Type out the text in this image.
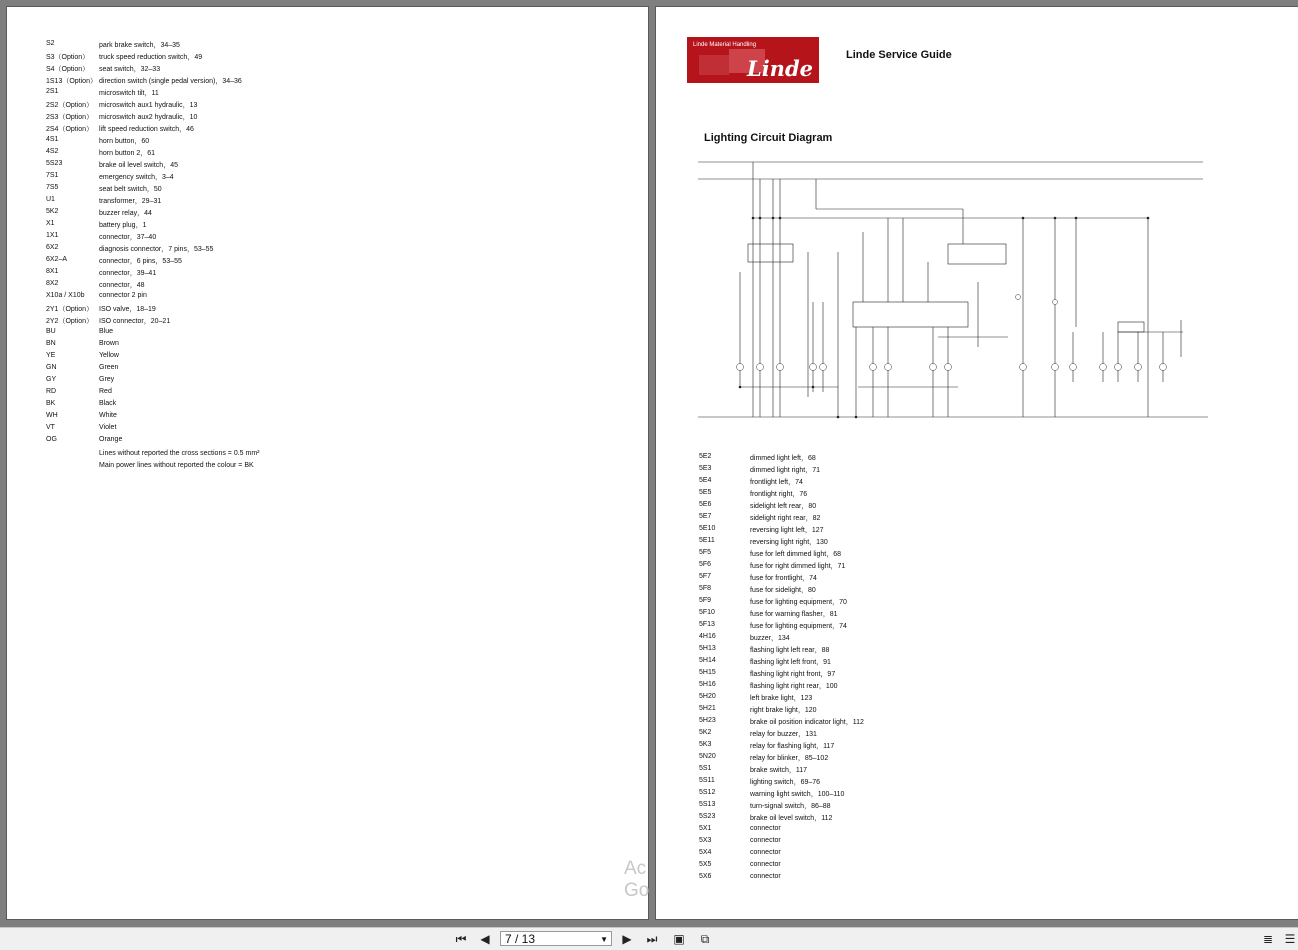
S2	park brake switch，34–35
S3（Option） truck speed reduction switch，49
S4（Option） seat switch，32–33
1S13（Option） direction switch (single pedal version)，34–36
2S1	microswitch tilt，11
2S2（Option） microswitch aux1 hydraulic，13
2S3（Option） microswitch aux2 hydraulic，10
2S4（Option） lift speed reduction switch，46
4S1	horn button，60
4S2	horn button 2，61
5S23	brake oil level switch，45
7S1	emergency switch，3–4
7S5	seat belt switch，50
U1	transformer，29–31
5K2	buzzer relay，44
X1	battery plug，1
1X1	connector，37–40
6X2	diagnosis connector，7 pins，53–55
6X2–A	connector，6 pins，53–55
8X1	connector，39–41
8X2	connector，48
X10a / X10b connector 2 pin
2Y1（Option） ISO valve，18–19
2Y2（Option） ISO connector，20–21
BU	Blue
BN	Brown
YE	Yellow
GN	Green
GY	Grey
RD	Red
BK	Black
WH	White
VT	Violet
OG	Orange
Lines without reported the cross sections = 0.5 mm²
Main power lines without reported the colour = BK
Linde Material Handling
Linde
Linde Service Guide
Lighting Circuit Diagram
5E2	dimmed light left，68
5E3	dimmed light right，71
5E4	frontlight left，74
5E5	frontlight right，76
5E6	sidelight left rear，80
5E7	sidelight right rear，82
5E10	reversing light left，127
5E11	reversing light right，130
5F5	fuse for left dimmed light，68
5F6	fuse for right dimmed light，71
5F7	fuse for frontlight，74
5F8	fuse for sidelight，80
5F9	fuse for lighting equipment，70
5F10	fuse for warning flasher，81
5F13	fuse for lighting equipment，74
4H16	buzzer，134
5H13	flashing light left rear，88
5H14	flashing light left front，91
5H15	flashing light right front，97
5H16	flashing light right rear，100
5H20	left brake light，123
5H21	right brake light，120
5H23	brake oil position indicator light，112
5K2	relay for buzzer，131
5K3	relay for flashing light，117
5N20	relay for blinker，85–102
5S1	brake switch，117
5S11	lighting switch，69–76
5S12	warning light switch，100–110
5S13	turn-signal switch，86–88
5S23	brake oil level switch，112
5X1	connector
5X3	connector
5X4	connector
5X5	connector
5X6	connector
Ac
Go
⏮ ◀	7 / 13	▼ ▶ ⏭ ▣	⧉	≣ ☰
